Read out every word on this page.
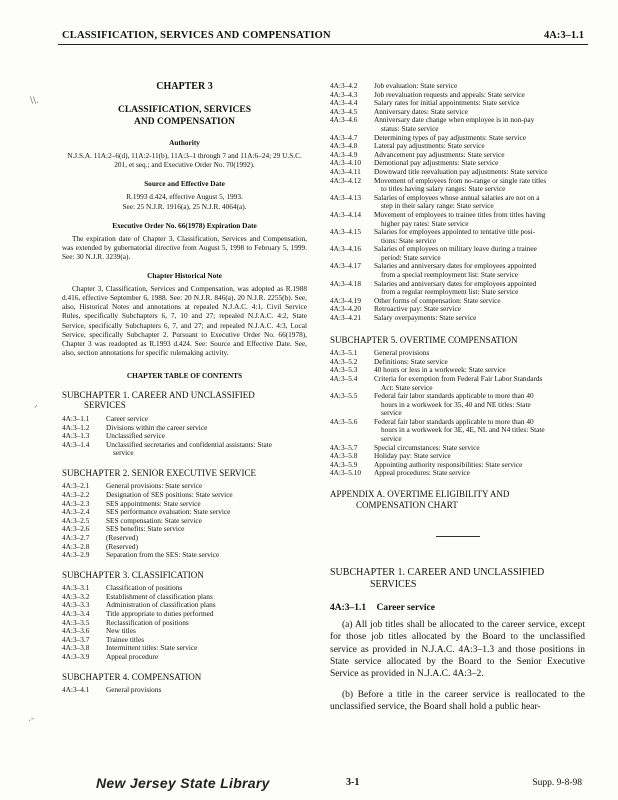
CLASSIFICATION, SERVICES AND COMPENSATION	4A:3–1.1
\\.
ᐟ
.-
CHAPTER 3
CLASSIFICATION, SERVICES
AND COMPENSATION
Authority
N.J.S.A. 11A:2–6(d), 11A:2-11(b), 11A:3–1 through 7 and 11A:6–24; 29 U.S.C. 201, et seq.; and Executive Order No. 70(1992).
Source and Effective Date
R.1993 d.424, effective August 5, 1993.
See: 25 N.J.R. 1916(a), 25 N.J.R. 4064(a).
Executive Order No. 66(1978) Expiration Date
The expiration date of Chapter 3, Classification, Services and Compensation, was extended by gubernatorial directive from August 5, 1998 to February 5, 1999. See: 30 N.J.R. 3239(a).
Chapter Historical Note
Chapter 3, Classification, Services and Compensation, was adopted as R.1988 d.416, effective September 6, 1988. See: 20 N.J.R. 846(a), 20 N.J.R. 2255(b). See, also, Historical Notes and annotations at repealed N.J.A.C. 4:1, Civil Service Rules, specifically Subchapters 6, 7, 10 and 27; repealed N.J.A.C. 4:2, State Service, specifically Subchapters 6, 7, and 27; and repealed N.J.A.C. 4:3, Local Service, specifically Subchapter 2. Pursuant to Executive Order No. 66(1978), Chapter 3 was readopted as R.1993 d.424. See: Source and Effective Date. See, also, section annotations for specific rulemaking activity.
CHAPTER TABLE OF CONTENTS
SUBCHAPTER 1. CAREER AND UNCLASSIFIED
SERVICES
4A:3–1.1	Career service
4A:3–1.2	Divisions within the career service
4A:3–1.3	Unclassified service
4A:3–1.4	Unclassified secretaries and confidential assistants: State
service
SUBCHAPTER 2. SENIOR EXECUTIVE SERVICE
4A:3–2.1	General provisions: State service
4A:3–2.2	Designation of SES positions: State service
4A:3–2.3	SES appointments: State service
4A:3–2.4	SES performance evaluation: State service
4A:3–2.5	SES compensation: State service
4A:3–2.6	SES benefits: State service
4A:3–2.7	(Reserved)
4A:3–2.8	(Reserved)
4A:3–2.9	Separation from the SES: State service
SUBCHAPTER 3. CLASSIFICATION
4A:3–3.1	Classification of positions
4A:3–3.2	Establishment of classification plans
4A:3–3.3	Administration of classification plans
4A:3–3.4	Title appropriate to duties performed
4A:3–3.5	Reclassification of positions
4A:3–3.6	New titles
4A:3–3.7	Trainee titles
4A:3–3.8	Intermittent titles: State service
4A:3–3.9	Appeal procedure
SUBCHAPTER 4. COMPENSATION
4A:3–4.1	General provisions
4A:3–4.2	Job evaluation: State service
4A:3–4.3	Job reevaluation requests and appeals: State service
4A:3–4.4	Salary rates for initial appointments: State service
4A:3–4.5	Anniversary dates: State service
4A:3–4.6	Anniversary date change when employee is in non-pay
status: State service

4A:3–4.7	Determining types of pay adjustments: State service
4A:3–4.8	Lateral pay adjustments: State service
4A:3–4.9	Advancement pay adjustments: State service
4A:3–4.10	Demotional pay adjustments: State service
4A:3–4.11	Downward title reevaluation pay adjustments: State service
4A:3–4.12	Movement of employees from no-range or single rate titles
to titles having salary ranges: State service

4A:3–4.13	Salaries of employees whose annual salaries are not on a
step in their salary range: State service

4A:3–4.14	Movement of employees to trainee titles from titles having
higher pay rates: State service

4A:3–4.15	Salaries for employees appointed to tentative title posi-
tions: State service

4A:3–4.16	Salaries of employees on military leave during a trainee
period: State service

4A:3–4.17	Salaries and anniversary dates for employees appointed
from a special reemployment list: State service

4A:3–4.18	Salaries and anniversary dates for employees appointed
from a regular reemployment list: State service

4A:3–4.19	Other forms of compensation: State service
4A:3–4.20	Retroactive pay: State service
4A:3–4.21	Salary overpayments: State service
SUBCHAPTER 5. OVERTIME COMPENSATION
4A:3–5.1	General provisions
4A:3–5.2	Definitions: State service
4A:3–5.3	40 hours or less in a workweek: State service
4A:3–5.4	Criteria for exemption from Federal Fair Labor Standards
Act: State service

4A:3–5.5	Federal fair labor standards applicable to more than 40
hours in a workweek for 35, 40 and NE titles: State
service

4A:3–5.6	Federal fair labor standards applicable to more than 40
hours in a workweek for 3E, 4E, NL and N4 titles: State
service

4A:3–5.7	Special circumstances: State service
4A:3–5.8	Holiday pay: State service
4A:3–5.9	Appointing authority responsibilities: State service
4A:3–5.10	Appeal procedures: State service
APPENDIX A. OVERTIME ELIGIBILITY AND
COMPENSATION CHART
SUBCHAPTER 1. CAREER AND UNCLASSIFIED
SERVICES
4A:3–1.1 Career service

(a) All job titles shall be allocated to the career service, except for those job titles allocated by the Board to the unclassified service as provided in N.J.A.C. 4A:3–1.3 and those positions in State service allocated by the Board to the Senior Executive Service as provided in N.J.A.C. 4A:3–2.

(b) Before a title in the career service is reallocated to the unclassified service, the Board shall hold a public hear-

New Jersey State Library	3-1	Supp. 9-8-98
